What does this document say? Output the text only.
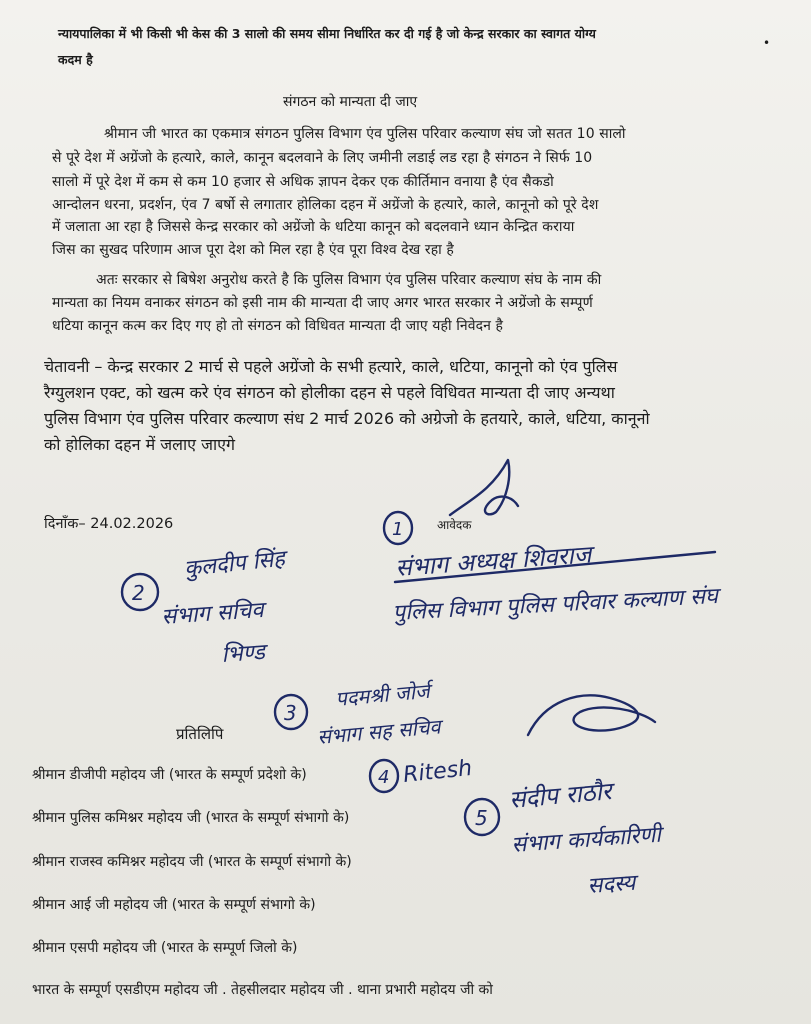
न्यायपालिका में भी किसी भी केस की 3 सालो की समय सीमा निर्धारित कर दी गई है जो केन्द्र सरकार का स्वागत योग्य
कदम है
•
संगठन को मान्यता दी जाए
श्रीमान जी भारत का एकमात्र संगठन पुलिस विभाग एंव पुलिस परिवार कल्याण संघ जो सतत 10 सालो
से पूरे देश में अग्रेंजो के हत्यारे, काले, कानून बदलवाने के लिए जमीनी लडाई लड रहा है संगठन ने सिर्फ 10
सालो में पूरे देश में कम से कम 10 हजार से अधिक ज्ञापन देकर एक कीर्तिमान वनाया है एंव सैकडो
आन्दोलन धरना, प्रदर्शन, एंव 7 बर्षो से लगातार होलिका दहन में अग्रेंजो के हत्यारे, काले, कानूनो को पूरे देश
में जलाता आ रहा है जिससे केन्द्र सरकार को अग्रेंजो के धटिया कानून को बदलवाने ध्यान केन्द्रित कराया
जिस का सुखद परिणाम आज पूरा देश को मिल रहा है एंव पूरा विश्व देख रहा है
अतः सरकार से बिषेश अनुरोध करते है कि पुलिस विभाग एंव पुलिस परिवार कल्याण संघ के नाम की
मान्यता का नियम वनाकर संगठन को इसी नाम की मान्यता दी जाए अगर भारत सरकार ने अग्रेंजो के सम्पूर्ण
धटिया कानून कत्म कर दिए गए हो तो संगठन को विधिवत मान्यता दी जाए यही निवेदन है
चेतावनी – केन्द्र सरकार 2 मार्च से पहले अग्रेंजो के सभी हत्यारे, काले, धटिया, कानूनो को एंव पुलिस
रैग्युलशन एक्ट, को खत्म करे एंव संगठन को होलीका दहन से पहले विधिवत मान्यता दी जाए अन्यथा
पुलिस विभाग एंव पुलिस परिवार कल्याण संध 2 मार्च 2026 को अग्रेजो के हतयारे, काले, धटिया, कानूनो
को होलिका दहन में जलाए जाएगे
दिनाँक– 24.02.2026
प्रतिलिपि
श्रीमान डीजीपी महोदय जी (भारत के सम्पूर्ण प्रदेशो के)
श्रीमान पुलिस कमिश्नर महोदय जी (भारत के सम्पूर्ण संभागो के)
श्रीमान राजस्व कमिश्नर महोदय जी (भारत के सम्पूर्ण संभागो के)
श्रीमान आई जी महोदय जी (भारत के सम्पूर्ण संभागो के)
श्रीमान एसपी महोदय जी (भारत के सम्पूर्ण जिलो के)
भारत के सम्पूर्ण एसडीएम महोदय जी . तेहसीलदार महोदय जी . थाना प्रभारी महोदय जी को
1	आवेदक
2
कुलदीप सिंह
संभाग सचिव
भिण्ड
संभाग अध्यक्ष शिवराज
पुलिस विभाग पुलिस परिवार कल्याण संघ
3
पदमश्री जोर्ज
संभाग सह सचिव
4 Ritesh
5
संदीप राठौर
संभाग कार्यकारिणी
सदस्य
